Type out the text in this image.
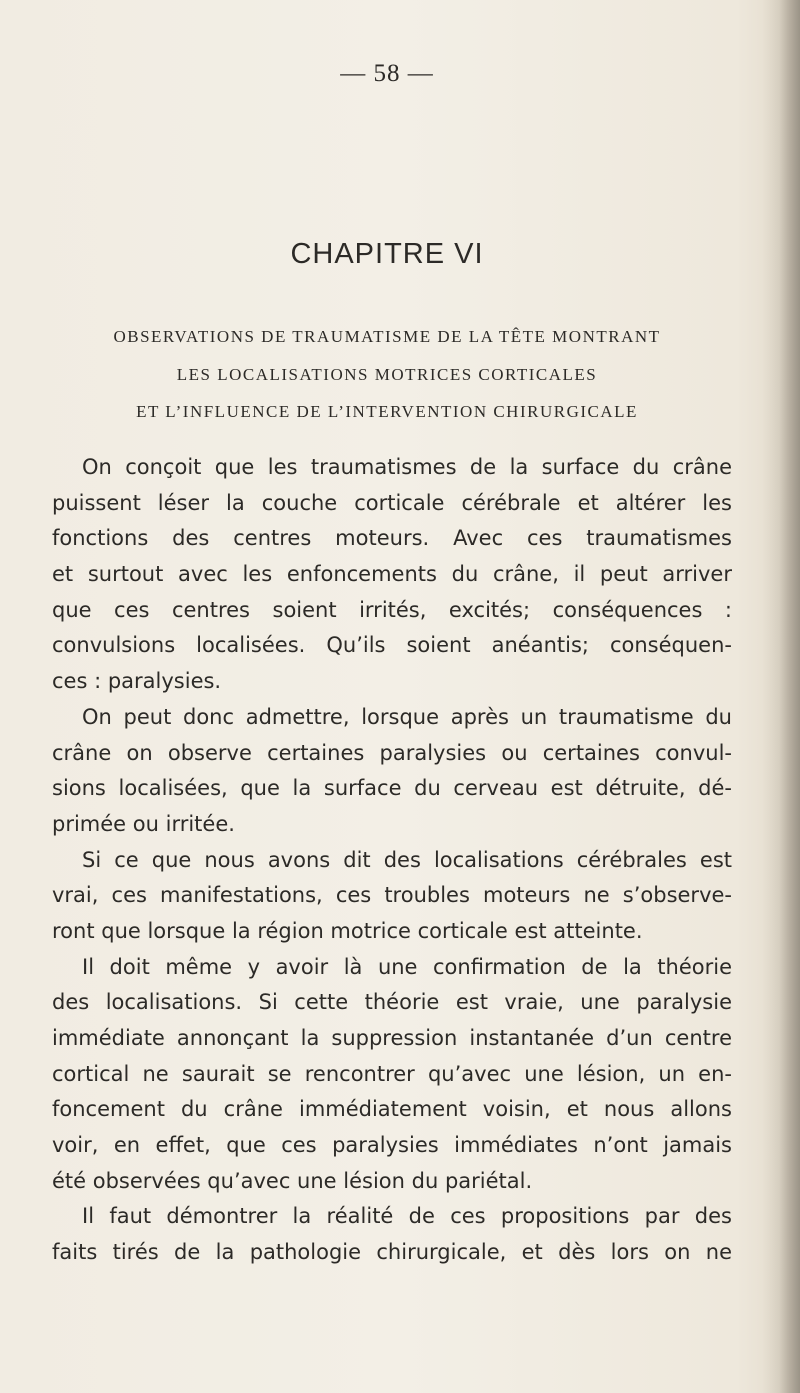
— 58 —
CHAPITRE VI
OBSERVATIONS DE TRAUMATISME DE LA TÊTE MONTRANT
LES LOCALISATIONS MOTRICES CORTICALES
ET L’INFLUENCE DE L’INTERVENTION CHIRURGICALE
On conçoit que les traumatismes de la surface du crâne
puissent léser la couche corticale cérébrale et altérer les
fonctions des centres moteurs. Avec ces traumatismes
et surtout avec les enfoncements du crâne, il peut arriver
que ces centres soient irrités, excités; conséquences :
convulsions localisées. Qu’ils soient anéantis; conséquen-
ces : paralysies.
On peut donc admettre, lorsque après un traumatisme du
crâne on observe certaines paralysies ou certaines convul-
sions localisées, que la surface du cerveau est détruite, dé-
primée ou irritée.
Si ce que nous avons dit des localisations cérébrales est
vrai, ces manifestations, ces troubles moteurs ne s’observe-
ront que lorsque la région motrice corticale est atteinte.
Il doit même y avoir là une confirmation de la théorie
des localisations. Si cette théorie est vraie, une paralysie
immédiate annonçant la suppression instantanée d’un centre
cortical ne saurait se rencontrer qu’avec une lésion, un en-
foncement du crâne immédiatement voisin, et nous allons
voir, en effet, que ces paralysies immédiates n’ont jamais
été observées qu’avec une lésion du pariétal.
Il faut démontrer la réalité de ces propositions par des
faits tirés de la pathologie chirurgicale, et dès lors on ne
